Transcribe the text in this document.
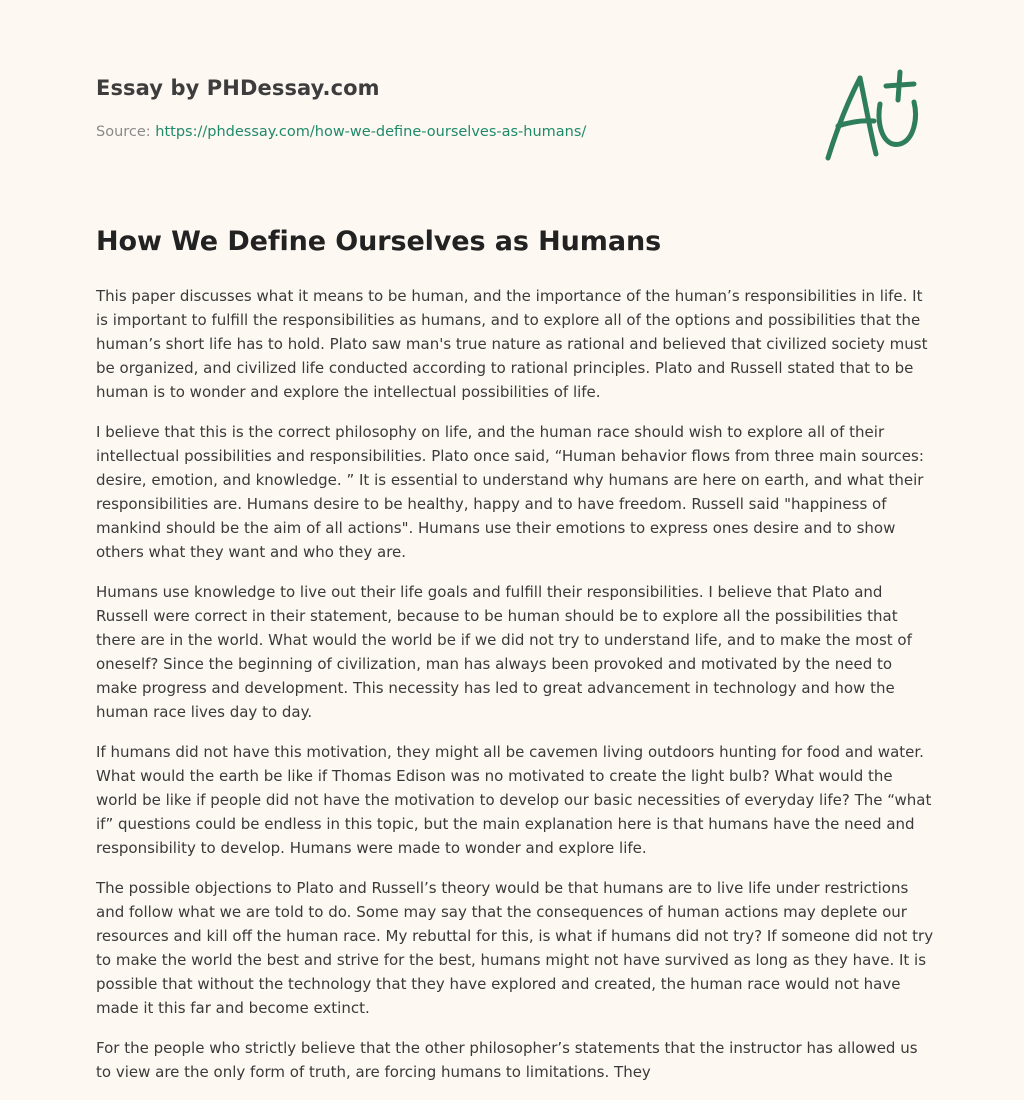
Essay by PHDessay.com
Source: https://phdessay.com/how-we-define-ourselves-as-humans/
How We Define Ourselves as Humans

This paper discusses what it means to be human, and the importance of the human’s responsibilities in life. It is important to fulfill the responsibilities as humans, and to explore all of the options and possibilities that the human’s short life has to hold. Plato saw man's true nature as rational and believed that civilized society must be organized, and civilized life conducted according to rational principles. Plato and Russell stated that to be human is to wonder and explore the intellectual possibilities of life.

I believe that this is the correct philosophy on life, and the human race should wish to explore all of their intellectual possibilities and responsibilities. Plato once said, “Human behavior flows from three main sources: desire, emotion, and knowledge. ” It is essential to understand why humans are here on earth, and what their responsibilities are. Humans desire to be healthy, happy and to have freedom. Russell said "happiness of mankind should be the aim of all actions". Humans use their emotions to express ones desire and to show others what they want and who they are.

Humans use knowledge to live out their life goals and fulfill their responsibilities. I believe that Plato and Russell were correct in their statement, because to be human should be to explore all the possibilities that there are in the world. What would the world be if we did not try to understand life, and to make the most of oneself? Since the beginning of civilization, man has always been provoked and motivated by the need to make progress and development. This necessity has led to great advancement in technology and how the human race lives day to day.

If humans did not have this motivation, they might all be cavemen living outdoors hunting for food and water. What would the earth be like if Thomas Edison was no motivated to create the light bulb? What would the world be like if people did not have the motivation to develop our basic necessities of everyday life? The “what if” questions could be endless in this topic, but the main explanation here is that humans have the need and responsibility to develop. Humans were made to wonder and explore life.

The possible objections to Plato and Russell’s theory would be that humans are to live life under restrictions and follow what we are told to do. Some may say that the consequences of human actions may deplete our resources and kill off the human race. My rebuttal for this, is what if humans did not try? If someone did not try to make the world the best and strive for the best, humans might not have survived as long as they have. It is possible that without the technology that they have explored and created, the human race would not have made it this far and become extinct.

For the people who strictly believe that the other philosopher’s statements that the instructor has allowed us to view are the only form of truth, are forcing humans to limitations. They
